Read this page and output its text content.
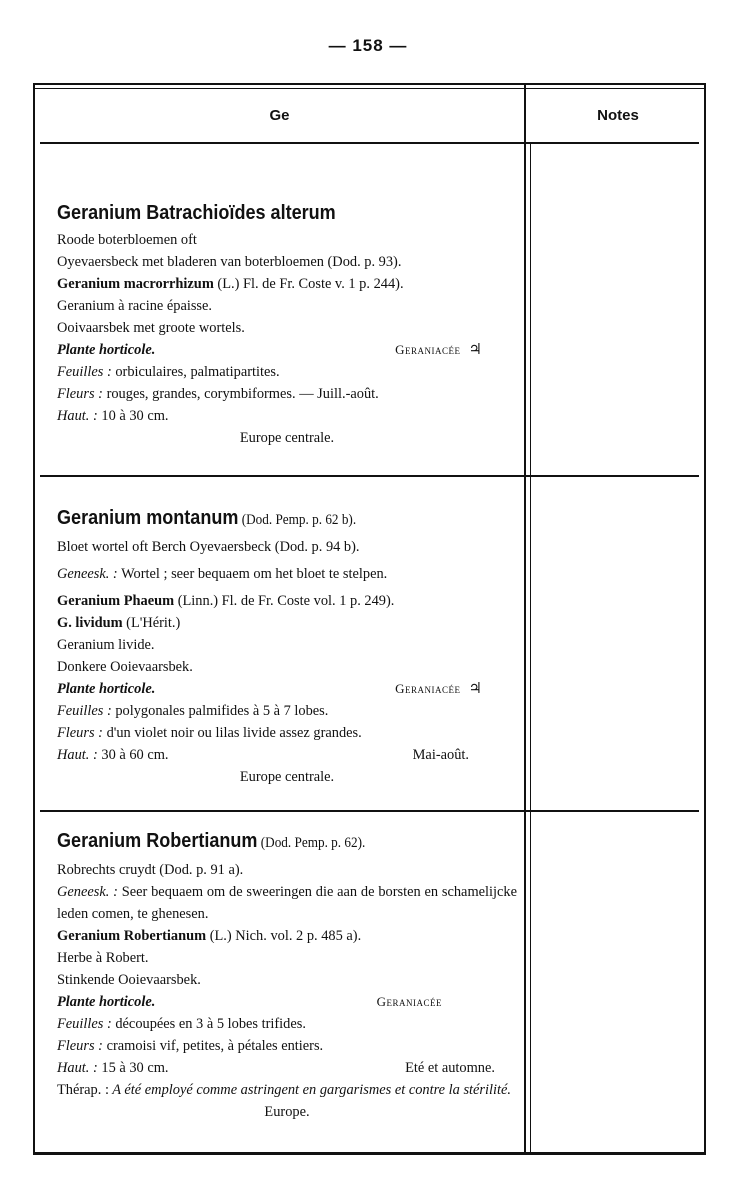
— 158 —
Ge	Notes
Geranium Batrachioïdes alterum
Roode boterbloemen oft
Oyevaersbeck met bladeren van boterbloemen (Dod. p. 93).
Geranium macrorrhizum (L.) Fl. de Fr. Coste v. 1 p. 244).
Geranium à racine épaisse.
Ooivaarsbek met groote wortels.
Plante horticole.	Geraniacée ♃
Feuilles : orbiculaires, palmatipartites.
Fleurs : rouges, grandes, corymbiformes. — Juill.-août.
Haut. : 10 à 30 cm.
Europe centrale.
Geranium montanum (Dod. Pemp. p. 62 b).
Bloet wortel oft Berch Oyevaersbeck (Dod. p. 94 b).
Geneesk. : Wortel ; seer bequaem om het bloet te stelpen.
Geranium Phaeum (Linn.) Fl. de Fr. Coste vol. 1 p. 249).
G. lividum (L'Hérit.)
Geranium livide.
Donkere Ooievaarsbek.
Plante horticole.	Geraniacée ♃
Feuilles : polygonales palmifides à 5 à 7 lobes.
Fleurs : d'un violet noir ou lilas livide assez grandes.
Haut. : 30 à 60 cm.	Mai-août.
Europe centrale.
Geranium Robertianum (Dod. Pemp. p. 62).
Robrechts cruydt (Dod. p. 91 a).
Geneesk. : Seer bequaem om de sweeringen die aan de borsten en schamelijcke leden comen, te ghenesen.
Geranium Robertianum (L.) Nich. vol. 2 p. 485 a).
Herbe à Robert.
Stinkende Ooievaarsbek.
Plante horticole.	Geraniacée
Feuilles : découpées en 3 à 5 lobes trifides.
Fleurs : cramoisi vif, petites, à pétales entiers.
Haut. : 15 à 30 cm.	Eté et automne.
Thérap. : A été employé comme astringent en gargarismes et contre la stérilité.
Europe.
